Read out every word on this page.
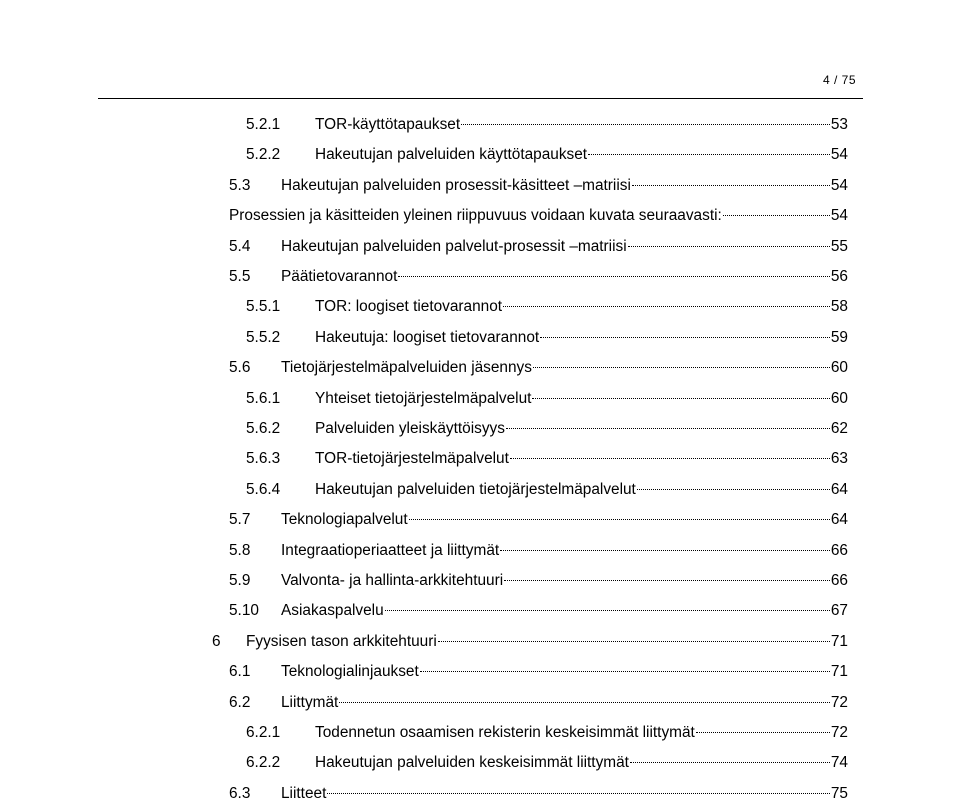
4 / 75
5.2.1	TOR-käyttötapaukset	53
5.2.2	Hakeutujan palveluiden käyttötapaukset	54
5.3	Hakeutujan palveluiden prosessit-käsitteet –matriisi	54
Prosessien ja käsitteiden yleinen riippuvuus voidaan kuvata seuraavasti:	54
5.4	Hakeutujan palveluiden palvelut-prosessit –matriisi	55
5.5	Päätietovarannot	56
5.5.1	TOR: loogiset tietovarannot	58
5.5.2	Hakeutuja: loogiset tietovarannot	59
5.6	Tietojärjestelmäpalveluiden jäsennys	60
5.6.1	Yhteiset tietojärjestelmäpalvelut	60
5.6.2	Palveluiden yleiskäyttöisyys	62
5.6.3	TOR-tietojärjestelmäpalvelut	63
5.6.4	Hakeutujan palveluiden tietojärjestelmäpalvelut	64
5.7	Teknologiapalvelut	64
5.8	Integraatioperiaatteet ja liittymät	66
5.9	Valvonta- ja hallinta-arkkitehtuuri	66
5.10	Asiakaspalvelu	67
6	Fyysisen tason arkkitehtuuri	71
6.1	Teknologialinjaukset	71
6.2	Liittymät	72
6.2.1	Todennetun osaamisen rekisterin keskeisimmät liittymät	72
6.2.2	Hakeutujan palveluiden keskeisimmät liittymät	74
6.3	Liitteet	75
